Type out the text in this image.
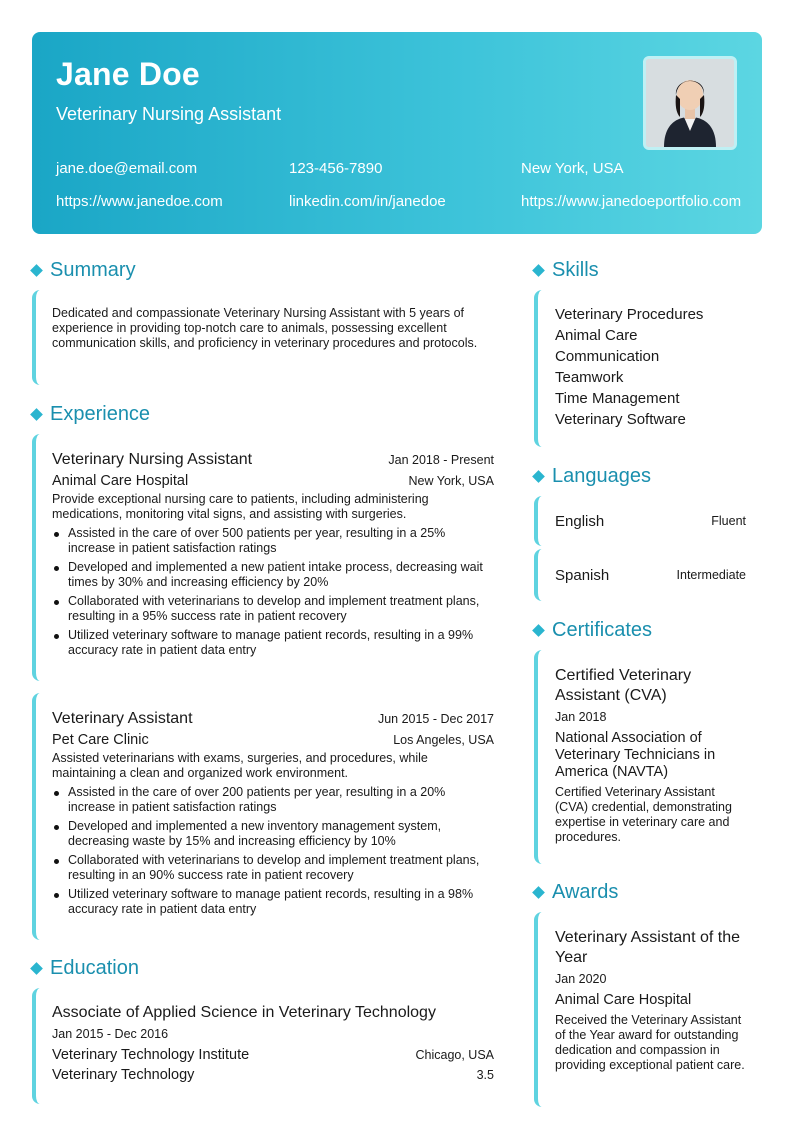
Jane Doe
Veterinary Nursing Assistant
jane.doe@email.com	123-456-7890	New York, USA
https://www.janedoe.com	linkedin.com/in/janedoe	https://www.janedoeportfolio.com
Summary
Dedicated and compassionate Veterinary Nursing Assistant with 5 years of experience in providing top-notch care to animals, possessing excellent communication skills, and proficiency in veterinary procedures and protocols.
Experience
Veterinary Nursing Assistant	Jan 2018 - Present
Animal Care Hospital	New York, USA
Provide exceptional nursing care to patients, including administering medications, monitoring vital signs, and assisting with surgeries.
Assisted in the care of over 500 patients per year, resulting in a 25% increase in patient satisfaction ratings
Developed and implemented a new patient intake process, decreasing wait times by 30% and increasing efficiency by 20%
Collaborated with veterinarians to develop and implement treatment plans, resulting in a 95% success rate in patient recovery
Utilized veterinary software to manage patient records, resulting in a 99% accuracy rate in patient data entry
Veterinary Assistant	Jun 2015 - Dec 2017
Pet Care Clinic	Los Angeles, USA
Assisted veterinarians with exams, surgeries, and procedures, while maintaining a clean and organized work environment.
Assisted in the care of over 200 patients per year, resulting in a 20% increase in patient satisfaction ratings
Developed and implemented a new inventory management system, decreasing waste by 15% and increasing efficiency by 10%
Collaborated with veterinarians to develop and implement treatment plans, resulting in an 90% success rate in patient recovery
Utilized veterinary software to manage patient records, resulting in a 98% accuracy rate in patient data entry
Education
Associate of Applied Science in Veterinary Technology
Jan 2015 - Dec 2016
Veterinary Technology Institute	Chicago, USA
Veterinary Technology	3.5
Skills
Veterinary Procedures
Animal Care
Communication
Teamwork
Time Management
Veterinary Software
Languages
English	Fluent
Spanish	Intermediate
Certificates
Certified Veterinary Assistant (CVA)
Jan 2018
National Association of Veterinary Technicians in America (NAVTA)
Certified Veterinary Assistant (CVA) credential, demonstrating expertise in veterinary care and procedures.
Awards
Veterinary Assistant of the Year
Jan 2020
Animal Care Hospital
Received the Veterinary Assistant of the Year award for outstanding dedication and compassion in providing exceptional patient care.
